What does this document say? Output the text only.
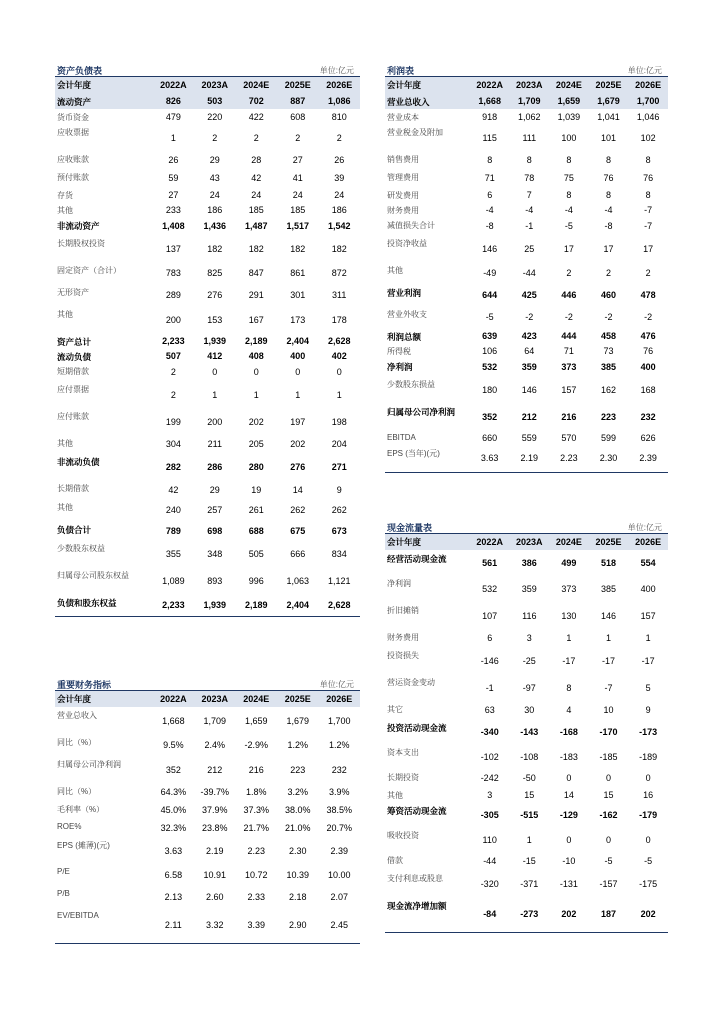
资产负债表	单位:亿元
会计年度	2022A	2023A	2024E	2025E	2026E
流动资产	826	503	702	887	1,086
货币资金	479	220	422	608	810
应收票据	1	2	2	2	2
应收账款	26	29	28	27	26
预付账款	59	43	42	41	39
存货	27	24	24	24	24
其他	233	186	185	185	186
非流动资产	1,408	1,436	1,487	1,517	1,542
长期股权投资	137	182	182	182	182
固定资产（合计）	783	825	847	861	872
无形资产	289	276	291	301	311
其他	200	153	167	173	178
资产总计	2,233	1,939	2,189	2,404	2,628
流动负债	507	412	408	400	402
短期借款	2	0	0	0	0
应付票据	2	1	1	1	1
应付账款	199	200	202	197	198
其他	304	211	205	202	204
非流动负债	282	286	280	276	271
长期借款	42	29	19	14	9
其他	240	257	261	262	262
负债合计	789	698	688	675	673
少数股东权益	355	348	505	666	834
归属母公司股东权益	1,089	893	996	1,063	1,121
负债和股东权益	2,233	1,939	2,189	2,404	2,628

利润表	单位:亿元
会计年度	2022A	2023A	2024E	2025E	2026E
营业总收入	1,668	1,709	1,659	1,679	1,700
营业成本	918	1,062	1,039	1,041	1,046
营业税金及附加	115	111	100	101	102
销售费用	8	8	8	8	8
管理费用	71	78	75	76	76
研发费用	6	7	8	8	8
财务费用	-4	-4	-4	-4	-7
减值损失合计	-8	-1	-5	-8	-7
投资净收益	146	25	17	17	17
其他	-49	-44	2	2	2
营业利润	644	425	446	460	478
营业外收支	-5	-2	-2	-2	-2
利润总额	639	423	444	458	476
所得税	106	64	71	73	76
净利润	532	359	373	385	400
少数股东损益	180	146	157	162	168
归属母公司净利润	352	212	216	223	232
EBITDA	660	559	570	599	626
EPS (当年)(元)	3.63	2.19	2.23	2.30	2.39

现金流量表	单位:亿元
会计年度	2022A	2023A	2024E	2025E	2026E
经营活动现金流	561	386	499	518	554
净利润	532	359	373	385	400
折旧摊销	107	116	130	146	157
财务费用	6	3	1	1	1
投资损失	-146	-25	-17	-17	-17
营运资金变动	-1	-97	8	-7	5
其它	63	30	4	10	9
投资活动现金流	-340	-143	-168	-170	-173
资本支出	-102	-108	-183	-185	-189
长期投资	-242	-50	0	0	0
其他	3	15	14	15	16
筹资活动现金流	-305	-515	-129	-162	-179
吸收投资	110	1	0	0	0
借款	-44	-15	-10	-5	-5
支付利息或股息	-320	-371	-131	-157	-175
现金流净增加额	-84	-273	202	187	202

重要财务指标	单位:亿元
会计年度	2022A	2023A	2024E	2025E	2026E
营业总收入	1,668	1,709	1,659	1,679	1,700
同比（%）	9.5%	2.4%	-2.9%	1.2%	1.2%
归属母公司净利润	352	212	216	223	232
同比（%）	64.3%	-39.7%	1.8%	3.2%	3.9%
毛利率（%）	45.0%	37.9%	37.3%	38.0%	38.5%
ROE%	32.3%	23.8%	21.7%	21.0%	20.7%
EPS (摊薄)(元)	3.63	2.19	2.23	2.30	2.39
P/E	6.58	10.91	10.72	10.39	10.00
P/B	2.13	2.60	2.33	2.18	2.07
EV/EBITDA	2.11	3.32	3.39	2.90	2.45
